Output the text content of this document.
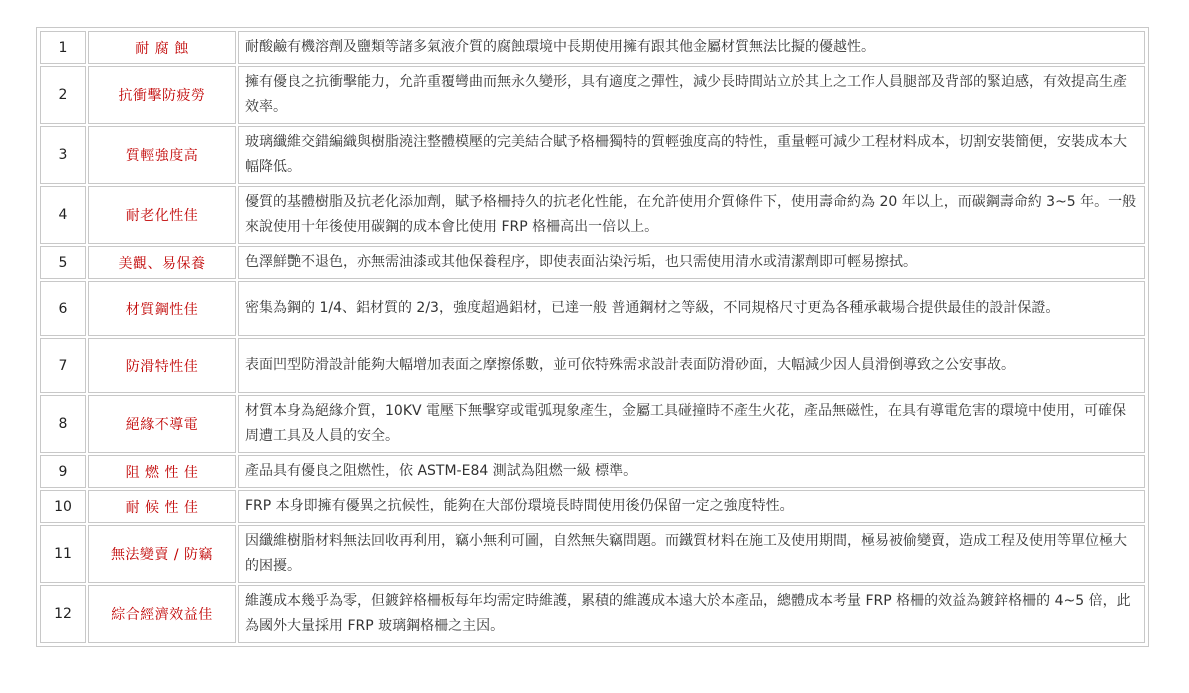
1	耐 腐 蝕	耐酸鹼有機溶劑及鹽類等諸多氣液介質的腐蝕環境中長期使用擁有跟其他金屬材質無法比擬的優越性。
2	抗衝擊防疲勞	擁有優良之抗衝擊能力，允許重覆彎曲而無永久變形，具有適度之彈性，減少長時間站立於其上之工作人員腿部及背部的緊迫感，有效提高生產效率。
3	質輕強度高	玻璃纖維交錯編織與樹脂澆注整體模壓的完美結合賦予格柵獨特的質輕強度高的特性，重量輕可減少工程材料成本，切割安裝簡便，安裝成本大幅降低。
4	耐老化性佳	優質的基體樹脂及抗老化添加劑，賦予格柵持久的抗老化性能，在允許使用介質條件下，使用壽命約為 20 年以上，而碳鋼壽命約 3~5 年。一般來說使用十年後使用碳鋼的成本會比使用 FRP 格柵高出一倍以上。
5	美觀、易保養	色澤鮮艷不退色，亦無需油漆或其他保養程序，即使表面沾染污垢，也只需使用清水或清潔劑即可輕易擦拭。
6	材質鋼性佳	密集為鋼的 1/4、鋁材質的 2/3，強度超過鋁材，已達一般 普通鋼材之等級，不同規格尺寸更為各種承載場合提供最佳的設計保證。
7	防滑特性佳	表面凹型防滑設計能夠大幅增加表面之摩擦係數，並可依特殊需求設計表面防滑砂面，大幅減少因人員滑倒導致之公安事故。
8	絕緣不導電	材質本身為絕緣介質，10KV 電壓下無擊穿或電弧現象產生，金屬工具碰撞時不產生火花，產品無磁性，在具有導電危害的環境中使用，可確保周遭工具及人員的安全。
9	阻 燃 性 佳	產品具有優良之阻燃性，依 ASTM-E84 測試為阻燃一級 標準。
10	耐 候 性 佳	FRP 本身即擁有優異之抗候性，能夠在大部份環境長時間使用後仍保留一定之強度特性。
11	無法變賣 / 防竊	因纖維樹脂材料無法回收再利用，竊小無利可圖，自然無失竊問題。而鐵質材料在施工及使用期間，極易被偷變賣，造成工程及使用等單位極大的困擾。
12	綜合經濟效益佳	維護成本幾乎為零，但鍍鋅格柵板每年均需定時維護，累積的維護成本遠大於本產品，總體成本考量 FRP 格柵的效益為鍍鋅格柵的 4~5 倍，此為國外大量採用 FRP 玻璃鋼格柵之主因。
